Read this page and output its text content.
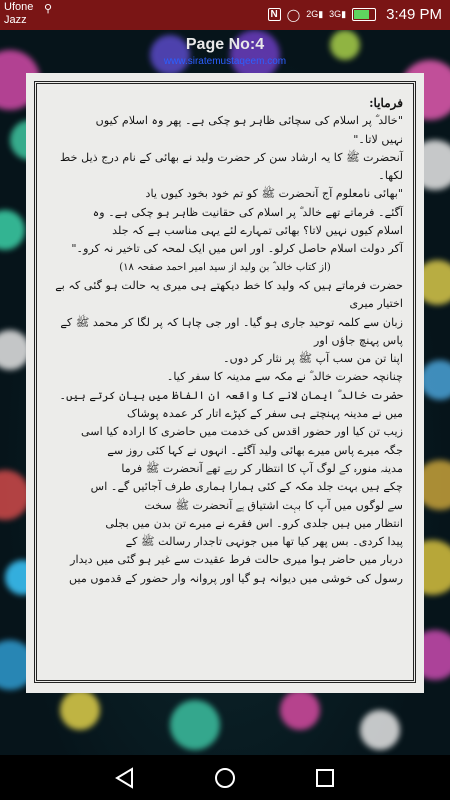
Ufone
Jazz
⚲	N ◯ 2G▮ 3G▮	3:49 PM
Page No:4
www.siratemustaqeem.com

فرمایا:

"خالد ؓ پر اسلام کی سچائی ظاہر ہو چکی ہے۔ پھر وہ اسلام کیوں

نہیں لاتا۔"

آنحضرت ﷺ کا یہ ارشاد سن کر حضرت ولید نے بھائی کے نام درج ذیل خط لکھا۔

"بھائی نامعلوم آج آنحضرت ﷺ کو تم خود بخود کیوں یاد

آگئے۔ فرماتے تھے خالد ؓ پر اسلام کی حقانیت ظاہر ہو چکی ہے۔ وہ

اسلام کیوں نہیں لاتا؟ بھائی تمہارے لئے یہی مناسب ہے کہ جلد

آکر دولت اسلام حاصل کرلو۔ اور اس میں ایک لمحہ کی تاخیر نہ کرو۔"

(از کتاب خالد ؓ بن ولید از سید امیر احمد صفحہ ۱۸)

حضرت فرماتے ہیں کہ ولید کا خط دیکھتے ہی میری یہ حالت ہو گئی کہ بے اختیار میری

زبان سے کلمہ توحید جاری ہو گیا۔ اور جی چاہا کہ پر لگا کر محمد ﷺ کے پاس پہنچ جاؤں اور

اپنا تن من سب آپ ﷺ پر نثار کر دوں۔

چنانچہ حضرت خالد ؓ نے مکہ سے مدینہ کا سفر کیا۔

حضرت خالد ؓ ایمان لانے کا واقعہ ان الفاظ میں بیان کرتے ہیں۔

میں نے مدینہ پہنچتے ہی سفر کے کپڑے اتار کر عمدہ پوشاک

زیب تن کیا اور حضور اقدس کی خدمت میں حاضری کا ارادہ کیا اسی

جگہ میرے پاس میرے بھائی ولید آگئے۔ انہوں نے کہا کئی روز سے

مدینہ منورہ کے لوگ آپ کا انتظار کر رہے تھے آنحضرت ﷺ فرما

چکے ہیں بہت جلد مکہ کے کئی ہمارا ہماری طرف آجائیں گے۔ اس

سے لوگوں میں آپ کا بہت اشتیاق ہے آنحضرت ﷺ سخت

انتظار میں ہیں جلدی کرو۔ اس فقرے نے میرے تن بدن میں بجلی

پیدا کردی۔ بس پھر کیا تھا میں جونہی تاجدار رسالت ﷺ کے

دربار میں حاضر ہوا میری حالت فرط عقیدت سے غیر ہو گئی میں دیدار

رسول کی خوشی میں دیوانہ ہو گیا اور پروانہ وار حضور کے قدموں میں
